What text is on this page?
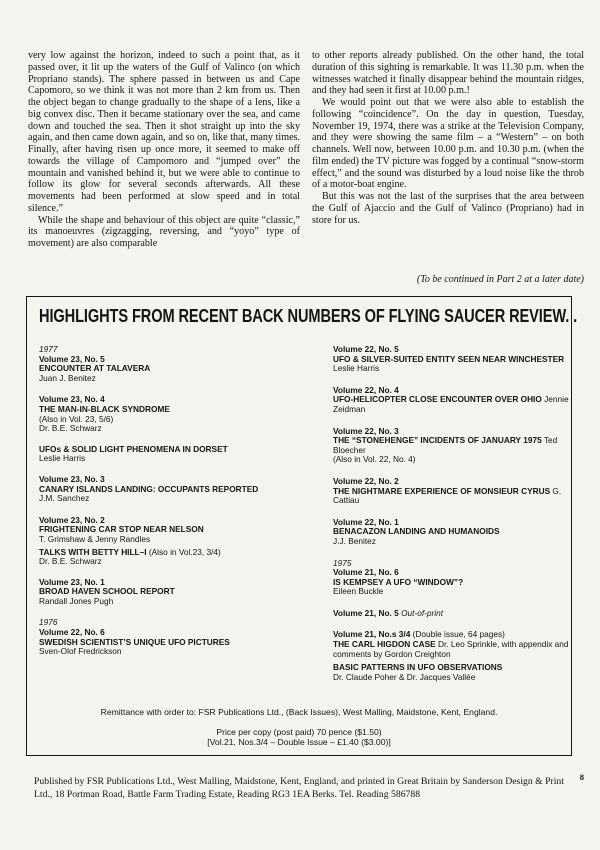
very low against the horizon, indeed to such a point that, as it passed over, it lit up the waters of the Gulf of Valinco (on which Propriano stands). The sphere passed in between us and Cape Capomoro, so we think it was not more than 2 km from us. Then the object began to change gradually to the shape of a lens, like a big convex disc. Then it became stationary over the sea, and came down and touched the sea. Then it shot straight up into the sky again, and then came down again, and so on, like that, many times. Finally, after having risen up once more, it seemed to make off towards the village of Campomoro and “jumped over” the mountain and vanished behind it, but we were able to continue to follow its glow for several seconds afterwards. All these movements had been performed at slow speed and in total silence.”

While the shape and behaviour of this object are quite “classic,” its manoeuvres (zigzagging, reversing, and “yoyo” type of movement) are also comparable

to other reports already published. On the other hand, the total duration of this sighting is remarkable. It was 11.30 p.m. when the witnesses watched it finally disappear behind the mountain ridges, and they had seen it first at 10.00 p.m.!

We would point out that we were also able to establish the following “coincidence”. On the day in question, Tuesday, November 19, 1974, there was a strike at the Television Company, and they were showing the same film – a “Western” – on both channels. Well now, between 10.00 p.m. and 10.30 p.m. (when the film ended) the TV picture was fogged by a continual “snow-storm effect,” and the sound was disturbed by a loud noise like the throb of a motor-boat engine.

But this was not the last of the surprises that the area between the Gulf of Ajaccio and the Gulf of Valinco (Propriano) had in store for us.

(To be continued in Part 2 at a later date)
HIGHLIGHTS FROM RECENT BACK NUMBERS OF FLYING SAUCER REVIEW. .
1977
Volume 23, No. 5
ENCOUNTER AT TALAVERA
Juan J. Benitez
Volume 23, No. 4
THE MAN-IN-BLACK SYNDROME
(Also in Vol. 23, 5/6)
Dr. B.E. Schwarz
UFOs & SOLID LIGHT PHENOMENA IN DORSET
Leslie Harris
Volume 23, No. 3
CANARY ISLANDS LANDING: OCCUPANTS REPORTED
J.M. Sanchez
Volume 23, No. 2
FRIGHTENING CAR STOP NEAR NELSON
T. Grimshaw & Jenny Randles
TALKS WITH BETTY HILL–I (Also in Vol.23, 3/4)
Dr. B.E. Schwarz
Volume 23, No. 1
BROAD HAVEN SCHOOL REPORT
Randall Jones Pugh
1976
Volume 22, No. 6
SWEDISH SCIENTIST’S UNIQUE UFO PICTURES
Sven-Olof Fredrickson
Volume 22, No. 5
UFO & SILVER-SUITED ENTITY SEEN NEAR WINCHESTER
Leslie Harris
Volume 22, No. 4
UFO-HELICOPTER CLOSE ENCOUNTER OVER OHIO Jennie Zeidman
Volume 22, No. 3
THE “STONEHENGE” INCIDENTS OF JANUARY 1975 Ted Bloecher
(Also in Vol. 22, No. 4)
Volume 22, No. 2
THE NIGHTMARE EXPERIENCE OF MONSIEUR CYRUS G. Cattiau
Volume 22, No. 1
BENACAZON LANDING AND HUMANOIDS
J.J. Benitez
1975
Volume 21, No. 6
IS KEMPSEY A UFO “WINDOW”?
Eileen Buckle
Volume 21, No. 5 Out-of-print
Volume 21, No.s 3/4 (Double issue, 64 pages)
THE CARL HIGDON CASE Dr. Leo Sprinkle, with appendix and comments by Gordon Creighton
BASIC PATTERNS IN UFO OBSERVATIONS
Dr. Claude Poher & Dr. Jacques Vallée
Remittance with order to: FSR Publications Ltd., (Back Issues), West Malling, Maidstone, Kent, England.
Price per copy (post paid) 70 pence ($1.50)
[Vol.21, Nos.3/4 – Double Issue – £1.40 ($3.00)]
Published by FSR Publications Ltd., West Malling, Maidstone, Kent, England, and printed in Great Britain by Sanderson Design & Print Ltd., 18 Portman Road, Battle Farm Trading Estate, Reading RG3 1EA Berks. Tel. Reading 586788
8
